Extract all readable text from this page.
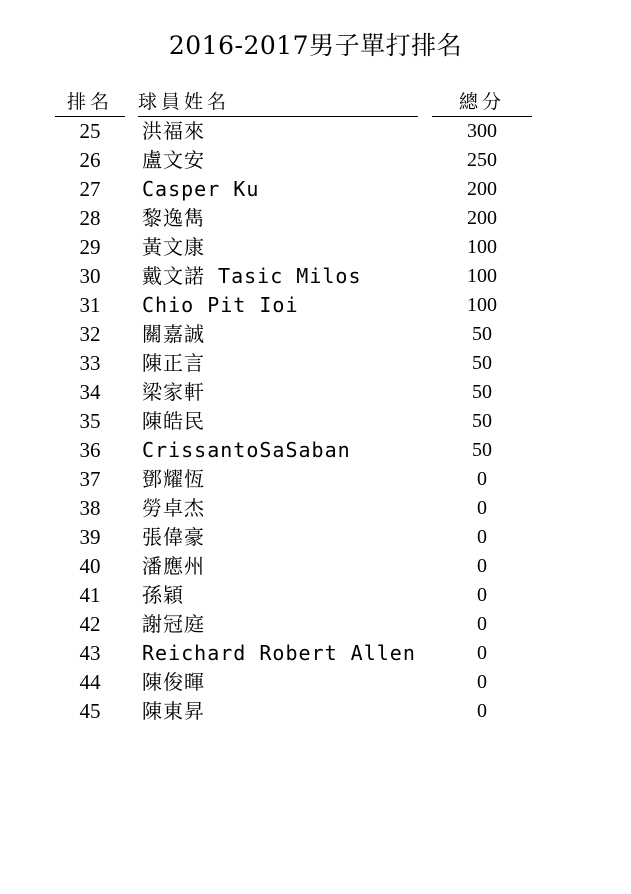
2016-2017男子單打排名
排名	球員姓名	總分
25	洪福來	300
26	盧文安	250
27	Casper Ku	200
28	黎逸雋	200
29	黃文康	100
30	戴文諾 Tasic Milos	100
31	Chio Pit Ioi	100
32	關嘉誠	50
33	陳正言	50
34	梁家軒	50
35	陳皓民	50
36	CrissantoSaSaban	50
37	鄧耀恆	0
38	勞卓杰	0
39	張偉豪	0
40	潘應州	0
41	孫穎	0
42	謝冠庭	0
43	Reichard Robert Allen	0
44	陳俊暉	0
45	陳東昇	0
